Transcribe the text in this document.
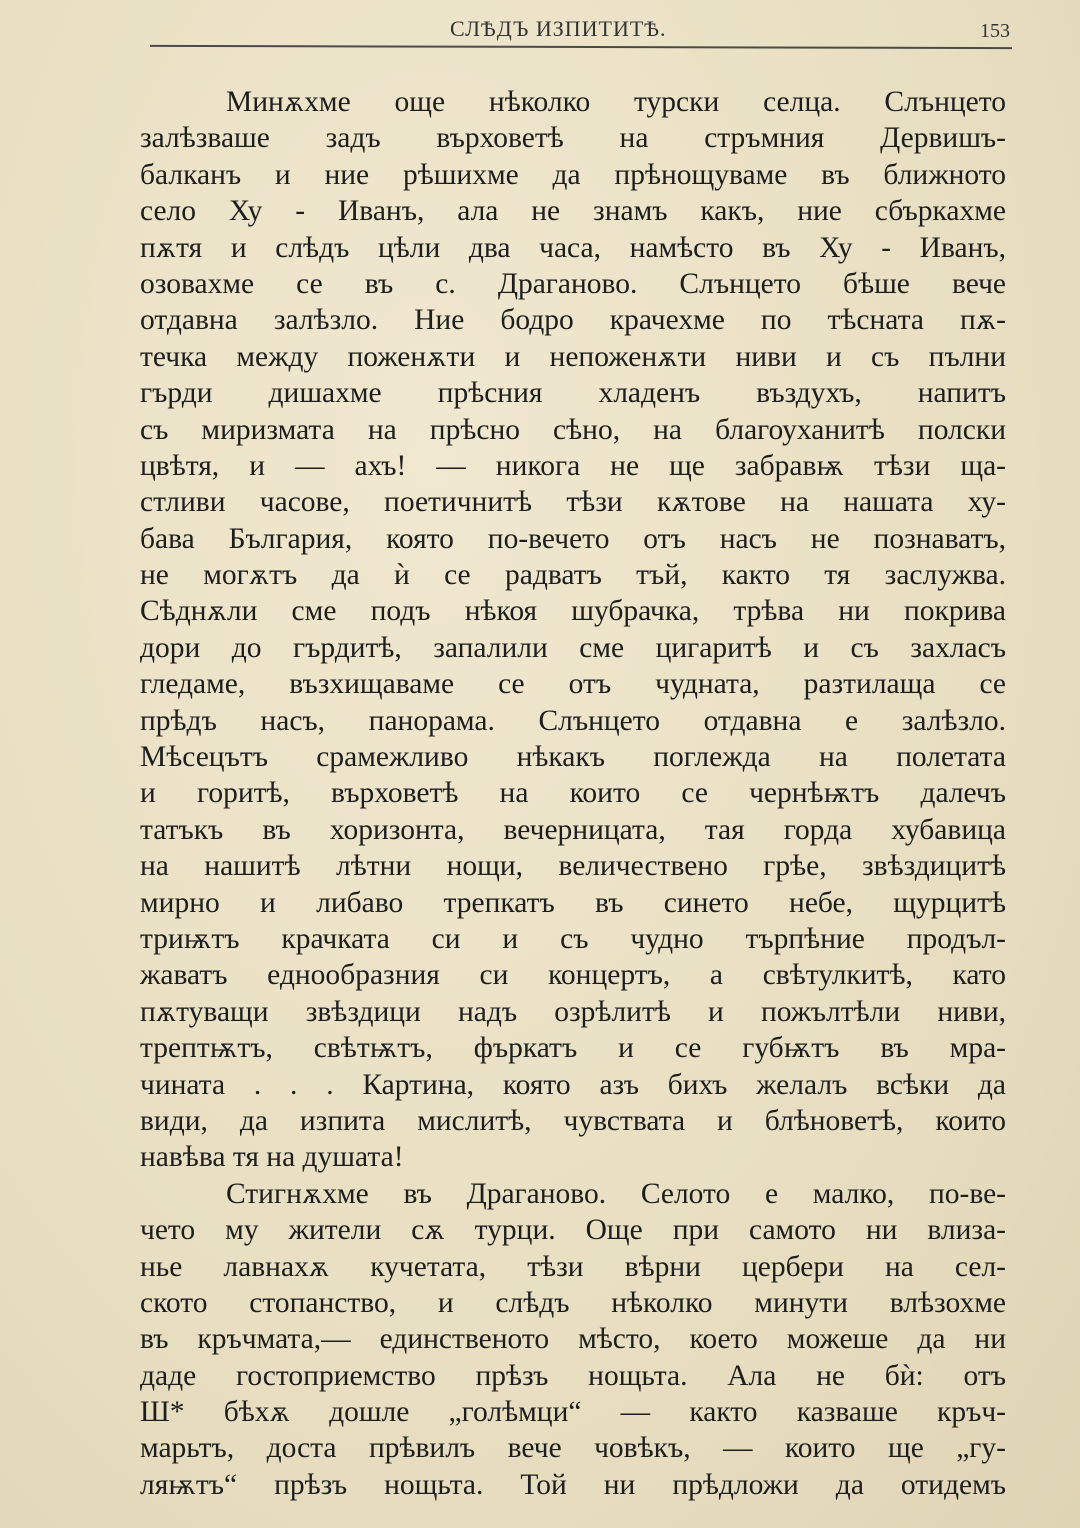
СЛѢДЪ ИЗПИТИТѢ.	153
Минѫхме още нѣколко турски селца. Слънцето
залѣзваше задъ върховетѣ на стръмния Дервишъ-
балканъ и ние рѣшихме да прѣнощуваме въ ближното
село Ху - Иванъ, ала не знамъ какъ, ние сбъркахме
пѫтя и слѣдъ цѣли два часа, намѣсто въ Ху - Иванъ,
озовахме се въ с. Драганово. Слънцето бѣше вече
отдавна залѣзло. Ние бодро крачехме по тѣсната пѫ-
течка между поженѫти и непоженѫти ниви и съ пълни
гърди дишахме прѣсния хладенъ въздухъ, напитъ
съ миризмата на прѣсно сѣно, на благоуханитѣ полски
цвѣтя, и — ахъ! — никога не ще забравѭ тѣзи ща-
стливи часове, поетичнитѣ тѣзи кѫтове на нашата ху-
бава България, която по-вечето отъ насъ не познаватъ,
не могѫтъ да ѝ се радватъ тъй, както тя заслужва.
Сѣднѫли сме подъ нѣкоя шубрачка, трѣва ни покрива
дори до гърдитѣ, запалили сме цигаритѣ и съ захласъ
гледаме, възхищаваме се отъ чудната, разтилаща се
прѣдъ насъ, панорама. Слънцето отдавна е залѣзло.
Мѣсецътъ срамежливо нѣкакъ поглежда на полетата
и горитѣ, върховетѣ на които се чернѣѭтъ далечъ
татъкъ въ хоризонта, вечерницата, тая горда хубавица
на нашитѣ лѣтни нощи, величествено грѣе, звѣздицитѣ
мирно и либаво трепкатъ въ синето небе, щурцитѣ
триѭтъ крачката си и съ чудно търпѣние продъл-
жаватъ еднообразния си концертъ, а свѣтулкитѣ, като
пѫтуващи звѣздици надъ озрѣлитѣ и пожълтѣли ниви,
трептѭтъ, свѣтѭтъ, фъркатъ и се губѭтъ въ мра-
чината . . . Картина, която азъ бихъ желалъ всѣки да
види, да изпита мислитѣ, чувствата и блѣноветѣ, които
навѣва тя на душата!
Стигнѫхме въ Драганово. Селото е малко, по-ве-
чето му жители сѫ турци. Още при самото ни влиза-
нье лавнахѫ кучетата, тѣзи вѣрни цербери на сел-
ското стопанство, и слѣдъ нѣколко минути влѣзохме
въ кръчмата,— единственото мѣсто, което можеше да ни
даде гостоприемство прѣзъ нощьта. Ала не бѝ: отъ
Ш* бѣхѫ дошле „голѣмци“ — както казваше кръч-
марьтъ, доста прѣвилъ вече човѣкъ, — които ще „гу-
ляѭтъ“ прѣзъ нощьта. Той ни прѣдложи да отидемъ
